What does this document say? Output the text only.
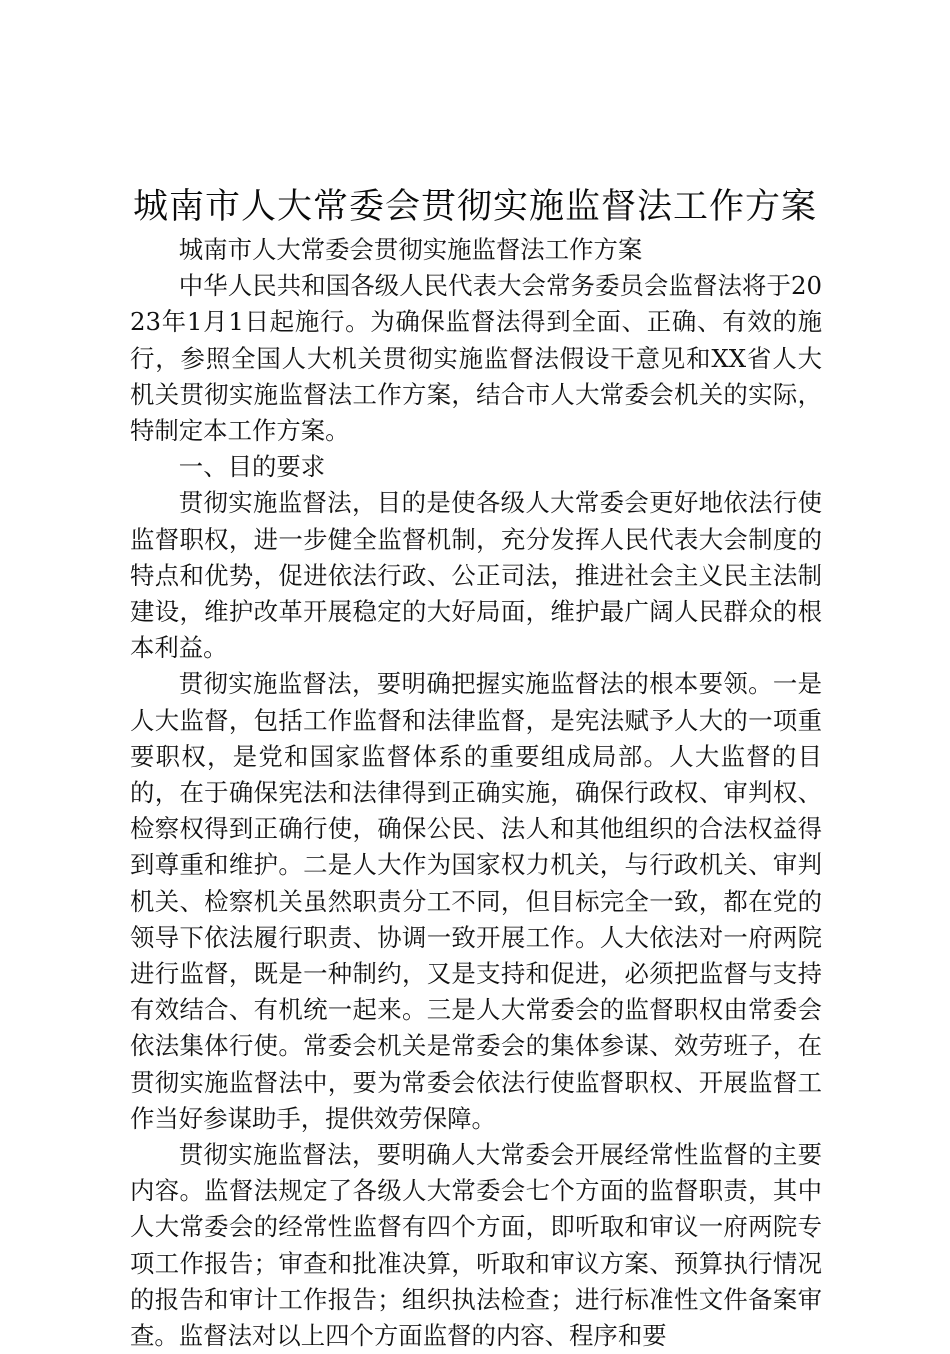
城南市人大常委会贯彻实施监督法工作方案

城南市人大常委会贯彻实施监督法工作方案

中华人民共和国各级人民代表大会常务委员会监督法将于2023年1月1日起施行。为确保监督法得到全面、正确、有效的施行，参照全国人大机关贯彻实施监督法假设干意见和XX省人大机关贯彻实施监督法工作方案，结合市人大常委会机关的实际，特制定本工作方案。

一、目的要求

贯彻实施监督法，目的是使各级人大常委会更好地依法行使监督职权，进一步健全监督机制，充分发挥人民代表大会制度的特点和优势，促进依法行政、公正司法，推进社会主义民主法制建设，维护改革开展稳定的大好局面，维护最广阔人民群众的根本利益。

贯彻实施监督法，要明确把握实施监督法的根本要领。一是人大监督，包括工作监督和法律监督，是宪法赋予人大的一项重要职权，是党和国家监督体系的重要组成局部。人大监督的目的，在于确保宪法和法律得到正确实施，确保行政权、审判权、检察权得到正确行使，确保公民、法人和其他组织的合法权益得到尊重和维护。二是人大作为国家权力机关，与行政机关、审判机关、检察机关虽然职责分工不同，但目标完全一致，都在党的领导下依法履行职责、协调一致开展工作。人大依法对一府两院进行监督，既是一种制约，又是支持和促进，必须把监督与支持有效结合、有机统一起来。三是人大常委会的监督职权由常委会依法集体行使。常委会机关是常委会的集体参谋、效劳班子，在贯彻实施监督法中，要为常委会依法行使监督职权、开展监督工作当好参谋助手，提供效劳保障。

贯彻实施监督法，要明确人大常委会开展经常性监督的主要内容。监督法规定了各级人大常委会七个方面的监督职责，其中人大常委会的经常性监督有四个方面，即听取和审议一府两院专项工作报告；审查和批准决算，听取和审议方案、预算执行情况的报告和审计工作报告；组织执法检查；进行标准性文件备案审查。监督法对以上四个方面监督的内容、程序和要
